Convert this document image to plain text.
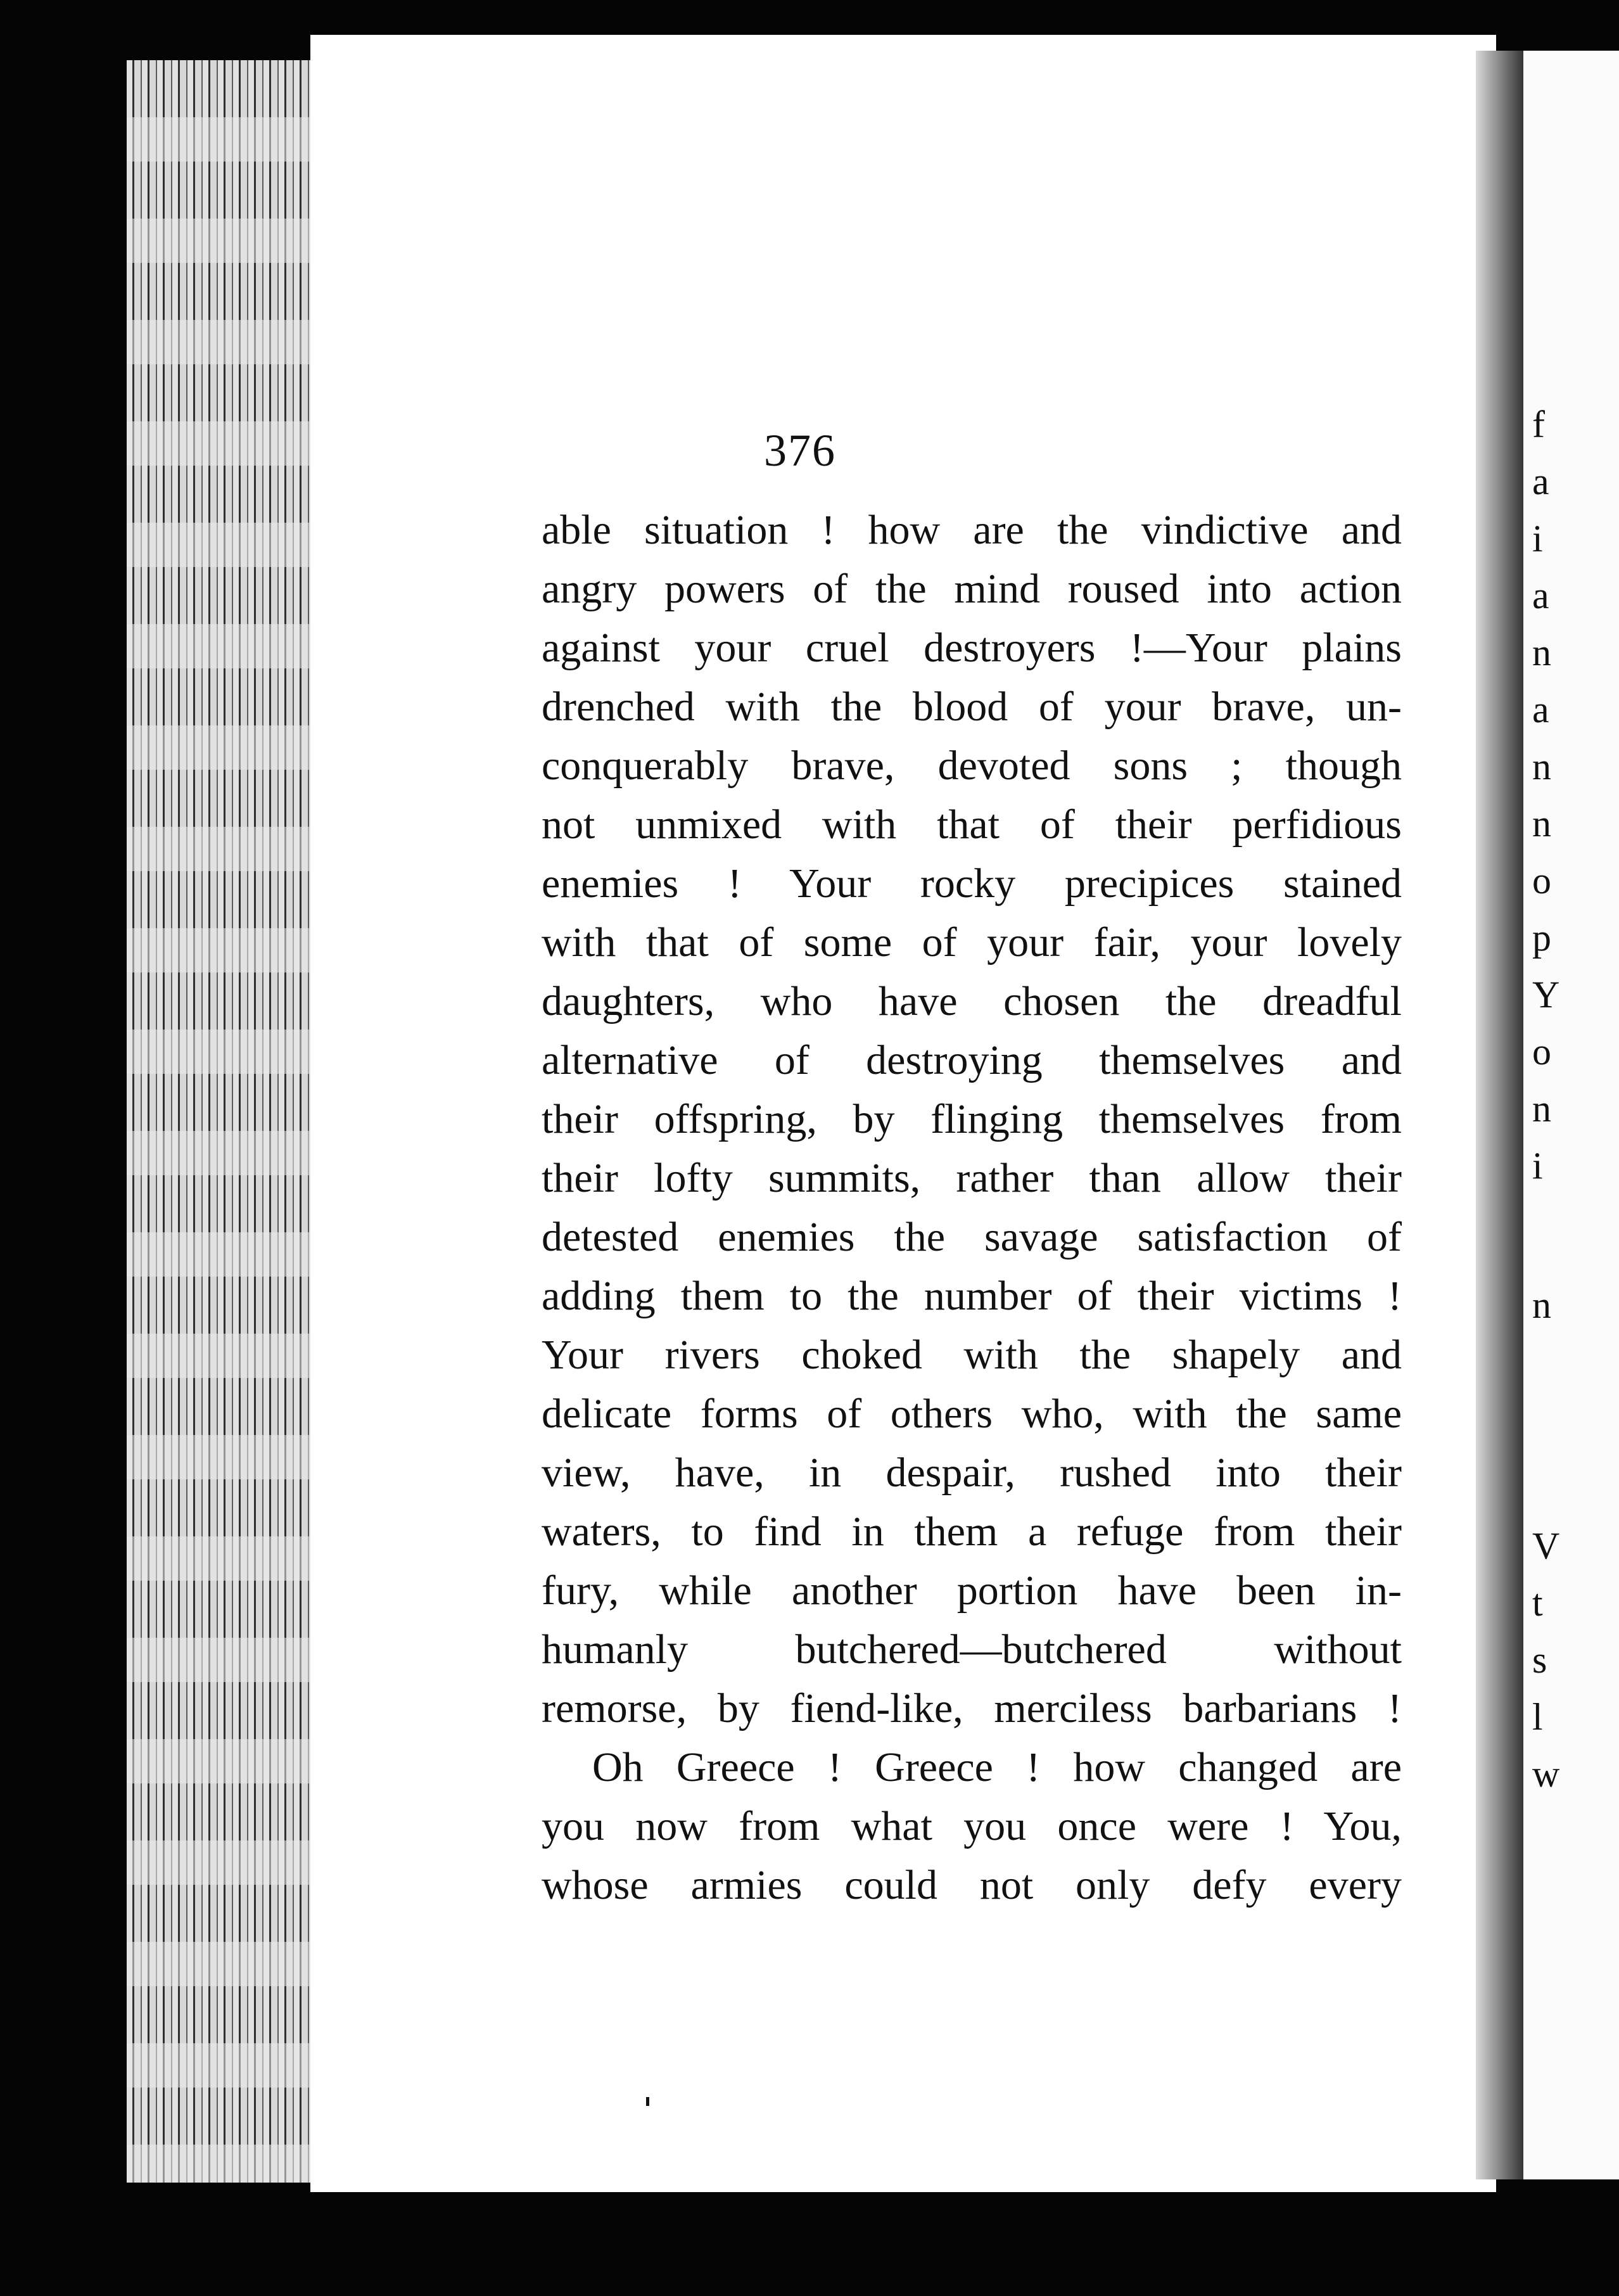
f
a
i
a
n
a
n
n
o
p
Y
o
n
i
n
V
t
s
l
w
376
able situation ! how are the vindictive and
angry powers of the mind roused into action
against your cruel destroyers !—Your plains
drenched with the blood of your brave, un-
conquerably brave, devoted sons ; though
not unmixed with that of their perfidious
enemies ! Your rocky precipices stained
with that of some of your fair, your lovely
daughters, who have chosen the dreadful
alternative of destroying themselves and
their offspring, by flinging themselves from
their lofty summits, rather than allow their
detested enemies the savage satisfaction of
adding them to the number of their victims !
Your rivers choked with the shapely and
delicate forms of others who, with the same
view, have, in despair, rushed into their
waters, to find in them a refuge from their
fury, while another portion have been in-
humanly butchered—butchered without
remorse, by fiend-like, merciless barbarians !
Oh Greece ! Greece ! how changed are
you now from what you once were ! You,
whose armies could not only defy every
